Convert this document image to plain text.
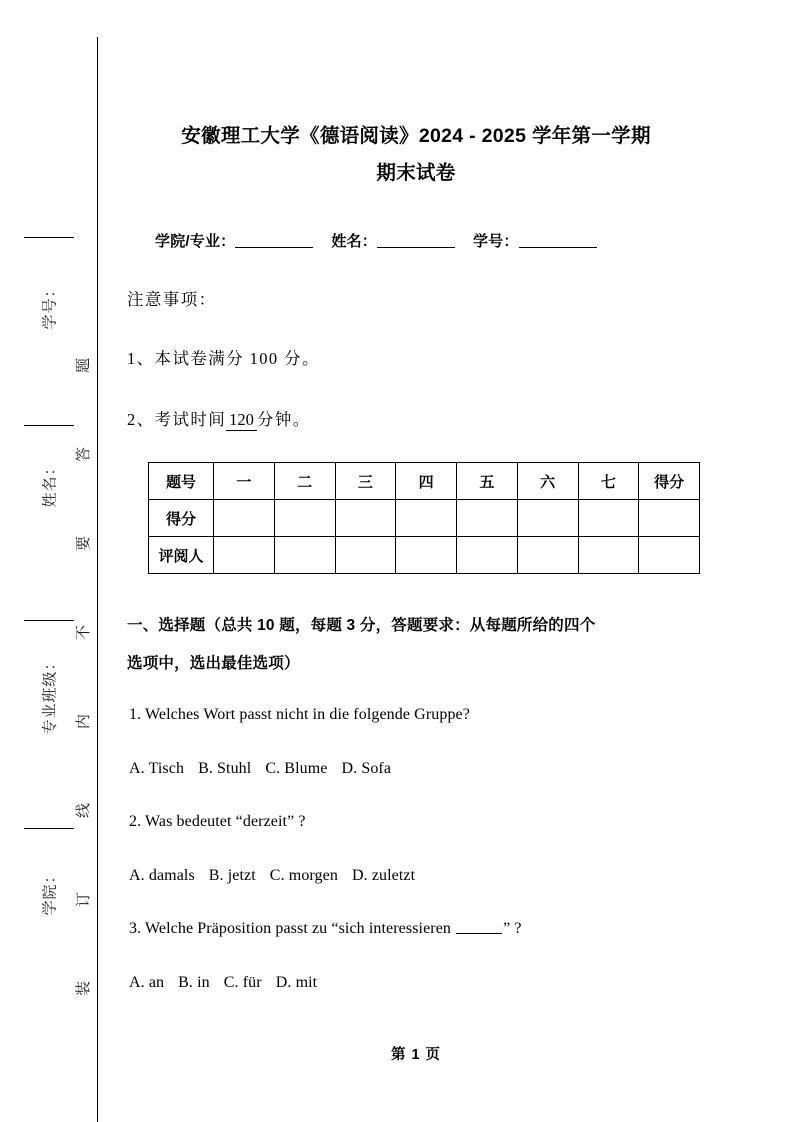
学号：
姓名：
专业班级：
学院：
题
答
要
不
内
线
订
装
安徽理工大学《德语阅读》2024 - 2025 学年第一学期
期末试卷
学院/专业：	姓名：	学号：
注意事项：
1、本试卷满分 100 分。
2、考试时间 120 分钟。
题号	一	二	三	四	五	六	七	得分
得分								
评阅人								
一、选择题（总共 10 题，每题 3 分，答题要求：从每题所给的四个
选项中，选出最佳选项）
1. Welches Wort passt nicht in die folgende Gruppe?
A. Tisch B. Stuhl C. Blume D. Sofa
2. Was bedeutet “derzeit” ?
A. damals B. jetzt C. morgen D. zuletzt
3. Welche Präposition passt zu “sich interessieren	” ?
A. an B. in C. für D. mit
第 1 页
